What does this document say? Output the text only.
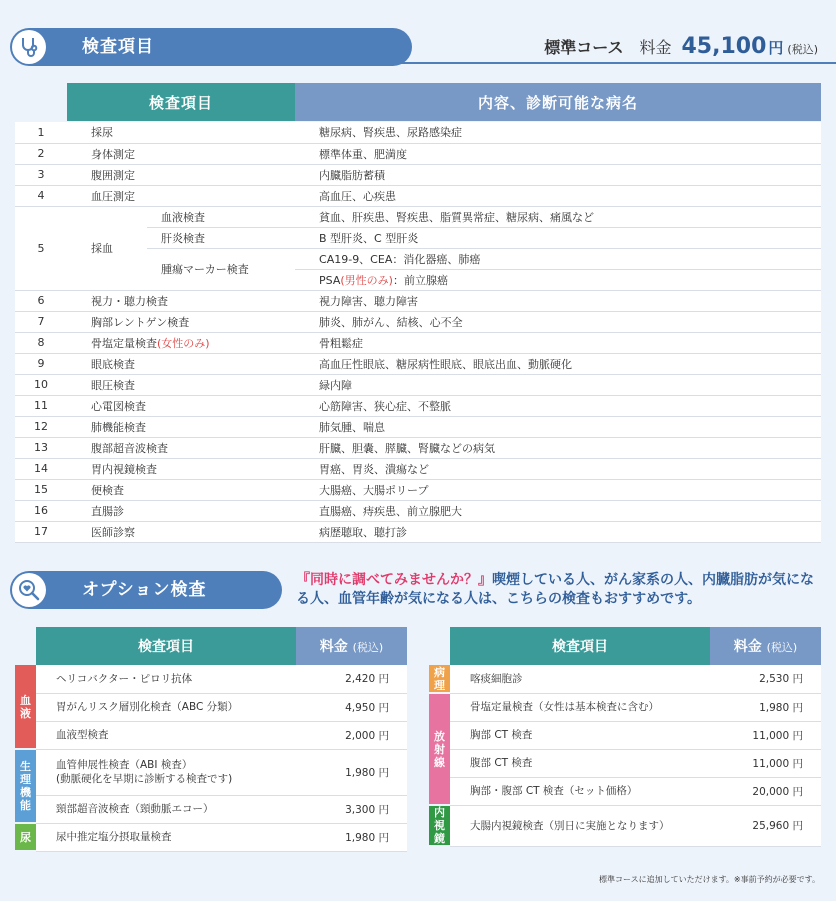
検査項目	標準コース 料金 45,100 円 (税込)
	検査項目		内容、診断可能な病名

1	採尿		糖尿病、腎疾患、尿路感染症
2	身体測定		標準体重、肥満度
3	腹囲測定		内臓脂肪蓄積
4	血圧測定		高血圧、心疾患
5	採血	血液検査	貧血、肝疾患、腎疾患、脂質異常症、糖尿病、痛風など
		肝炎検査	B 型肝炎、C 型肝炎
		腫瘍マーカー検査	CA19-9、CEA：消化器癌、肺癌
			PSA(男性のみ)：前立腺癌
6	視力・聴力検査		視力障害、聴力障害
7	胸部レントゲン検査		肺炎、肺がん、結核、心不全
8	骨塩定量検査(女性のみ)		骨粗鬆症
9	眼底検査		高血圧性眼底、糖尿病性眼底、眼底出血、動脈硬化
10	眼圧検査		緑内障
11	心電図検査		心筋障害、狭心症、不整脈
12	肺機能検査		肺気腫、喘息
13	腹部超音波検査		肝臓、胆嚢、膵臓、腎臓などの病気
14	胃内視鏡検査		胃癌、胃炎、潰瘍など
15	便検査		大腸癌、大腸ポリープ
16	直腸診		直腸癌、痔疾患、前立腺肥大
17	医師診察		病歴聴取、聴打診
オプション検査	『同時に調べてみませんか？』喫煙している人、がん家系の人、内臓脂肪が気になる人、血管年齢が気になる人は、こちらの検査もおすすめです。
	検査項目	料金 (税込)
血
液	ヘリコバクター・ピロリ抗体	2,420 円
	胃がんリスク層別化検査（ABC 分類）	4,950 円
	血液型検査	2,000 円
生
理
機
能	血管伸展性検査（ABI 検査）
(動脈硬化を早期に診断する検査です)	1,980 円
	頸部超音波検査（頸動脈エコー）	3,300 円
尿	尿中推定塩分摂取量検査	1,980 円
	検査項目	料金 (税込)
病
理	喀痰細胞診	2,530 円
放
射
線	骨塩定量検査（女性は基本検査に含む）	1,980 円
	胸部 CT 検査	11,000 円
	腹部 CT 検査	11,000 円
	胸部・腹部 CT 検査（セット価格）	20,000 円
内
視
鏡	大腸内視鏡検査（別日に実施となります）	25,960 円
標準コースに追加していただけます。※事前予約が必要です。
